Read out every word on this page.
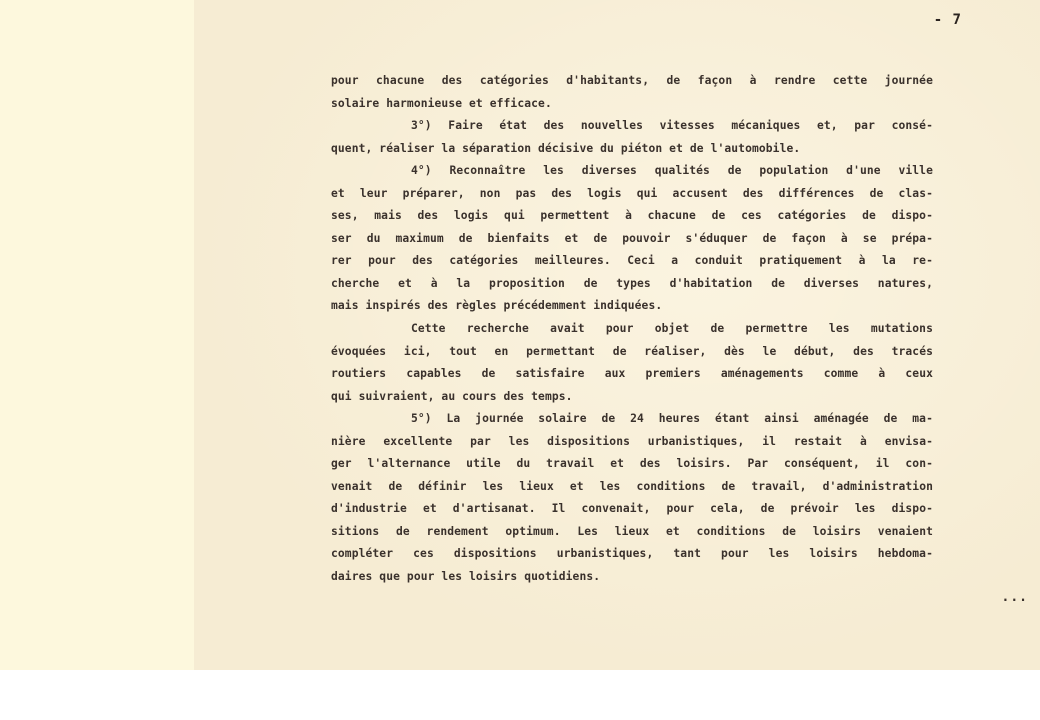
- 7
pour chacune des catégories d'habitants, de façon à rendre cette journée
solaire harmonieuse et efficace.
3°) Faire état des nouvelles vitesses mécaniques et, par consé-
quent, réaliser la séparation décisive du piéton et de l'automobile.
4°) Reconnaître les diverses qualités de population d'une ville
et leur préparer, non pas des logis qui accusent des différences de clas-
ses, mais des logis qui permettent à chacune de ces catégories de dispo-
ser du maximum de bienfaits et de pouvoir s'éduquer de façon à se prépa-
rer pour des catégories meilleures. Ceci a conduit pratiquement à la re-
cherche et à la proposition de types d'habitation de diverses natures,
mais inspirés des règles précédemment indiquées.
Cette recherche avait pour objet de permettre les mutations
évoquées ici, tout en permettant de réaliser, dès le début, des tracés
routiers capables de satisfaire aux premiers aménagements comme à ceux
qui suivraient, au cours des temps.
5°) La journée solaire de 24 heures étant ainsi aménagée de ma-
nière excellente par les dispositions urbanistiques, il restait à envisa-
ger l'alternance utile du travail et des loisirs. Par conséquent, il con-
venait de définir les lieux et les conditions de travail, d'administration
d'industrie et d'artisanat. Il convenait, pour cela, de prévoir les dispo-
sitions de rendement optimum. Les lieux et conditions de loisirs venaient
compléter ces dispositions urbanistiques, tant pour les loisirs hebdoma-
daires que pour les loisirs quotidiens.
...
